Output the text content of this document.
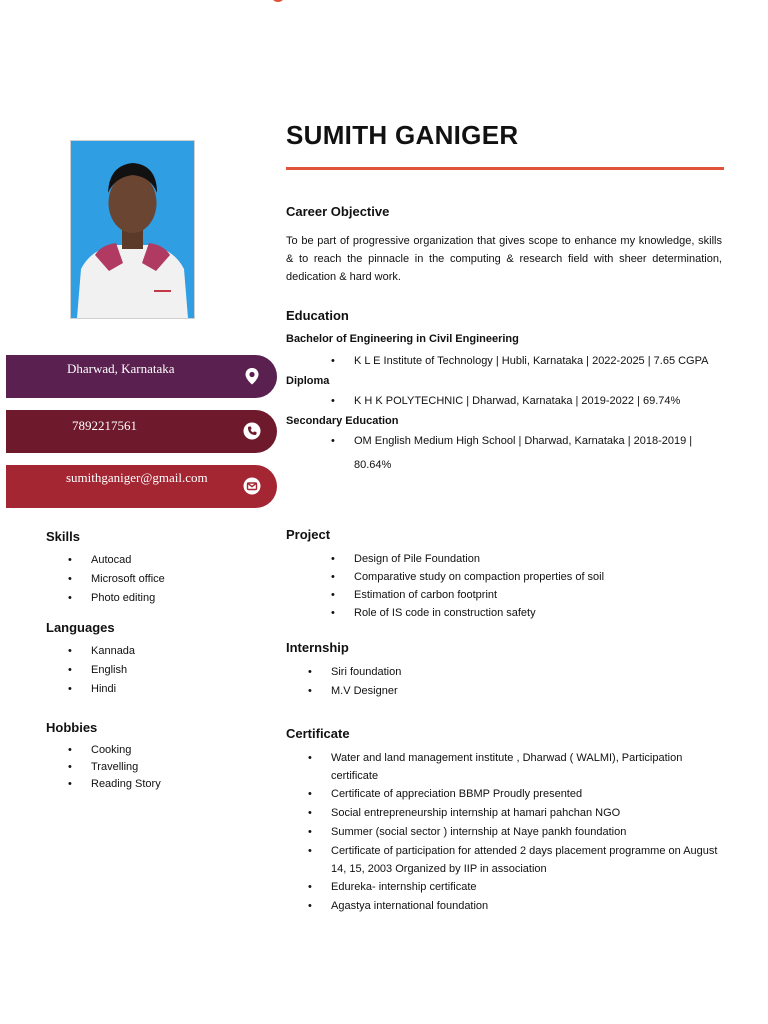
Dharwad, Karnataka
7892217561
sumithganiger@gmail.com
Skills
• Autocad
• Microsoft office
• Photo editing
Languages
• Kannada
• English
• Hindi
Hobbies
• Cooking
• Travelling
• Reading Story
SUMITH GANIGER
Career Objective

To be part of progressive organization that gives scope to enhance my knowledge, skills & to reach the pinnacle in the computing & research field with sheer determination, dedication & hard work.

Education

Bachelor of Engineering in Civil Engineering

• K L E Institute of Technology | Hubli, Karnataka | 2022-2025 | 7.65 CGPA

Diploma

• K H K POLYTECHNIC | Dharwad, Karnataka | 2019-2022 | 69.74%

Secondary Education

• OM English Medium High School | Dharwad, Karnataka | 2018-2019 | 80.64%
Project
• Design of Pile Foundation
• Comparative study on compaction properties of soil
• Estimation of carbon footprint
• Role of IS code in construction safety
Internship
• Siri foundation
• M.V Designer
Certificate
• Water and land management institute , Dharwad ( WALMI), Participation certificate
• Certificate of appreciation BBMP Proudly presented
• Social entrepreneurship internship at hamari pahchan NGO
• Summer (social sector ) internship at Naye pankh foundation
• Certificate of participation for attended 2 days placement programme on August 14, 15, 2003 Organized by IIP in association
• Edureka- internship certificate
• Agastya international foundation
